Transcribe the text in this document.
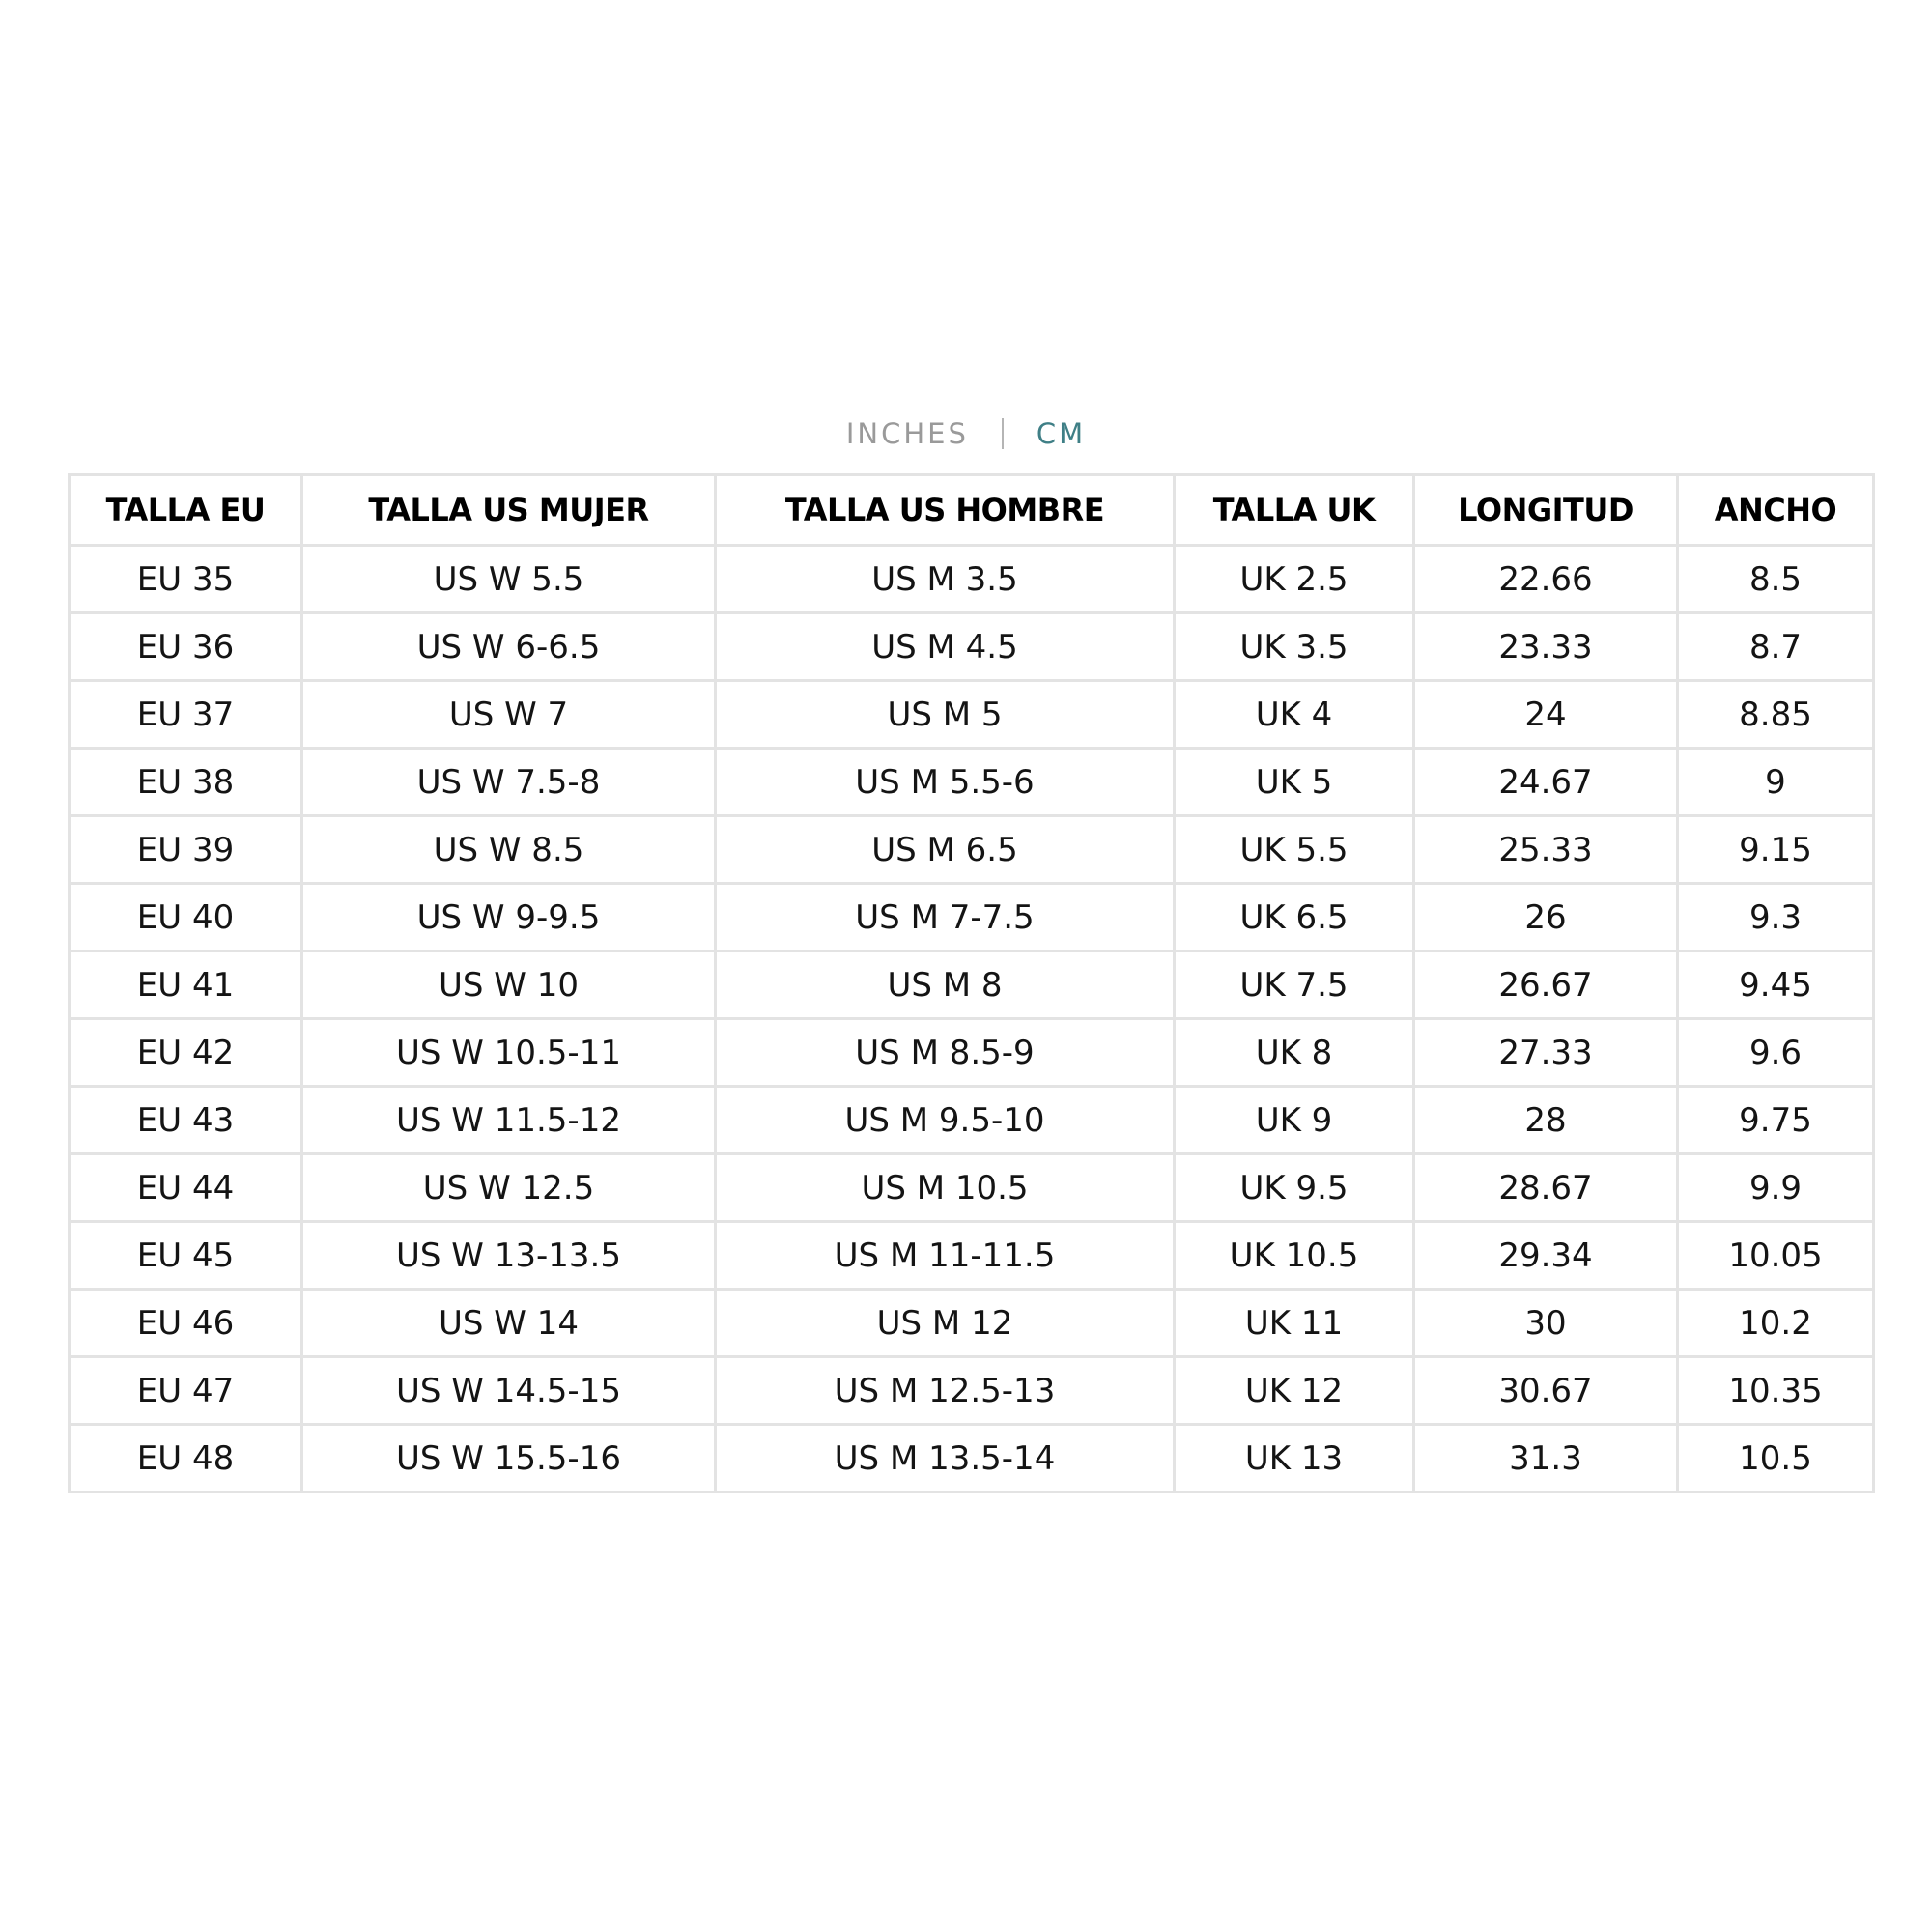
INCHES CM
TALLA EU	TALLA US MUJER	TALLA US HOMBRE	TALLA UK	LONGITUD	ANCHO
EU 35	US W 5.5	US M 3.5	UK 2.5	22.66	8.5
EU 36	US W 6-6.5	US M 4.5	UK 3.5	23.33	8.7
EU 37	US W 7	US M 5	UK 4	24	8.85
EU 38	US W 7.5-8	US M 5.5-6	UK 5	24.67	9
EU 39	US W 8.5	US M 6.5	UK 5.5	25.33	9.15
EU 40	US W 9-9.5	US M 7-7.5	UK 6.5	26	9.3
EU 41	US W 10	US M 8	UK 7.5	26.67	9.45
EU 42	US W 10.5-11	US M 8.5-9	UK 8	27.33	9.6
EU 43	US W 11.5-12	US M 9.5-10	UK 9	28	9.75
EU 44	US W 12.5	US M 10.5	UK 9.5	28.67	9.9
EU 45	US W 13-13.5	US M 11-11.5	UK 10.5	29.34	10.05
EU 46	US W 14	US M 12	UK 11	30	10.2
EU 47	US W 14.5-15	US M 12.5-13	UK 12	30.67	10.35
EU 48	US W 15.5-16	US M 13.5-14	UK 13	31.3	10.5
